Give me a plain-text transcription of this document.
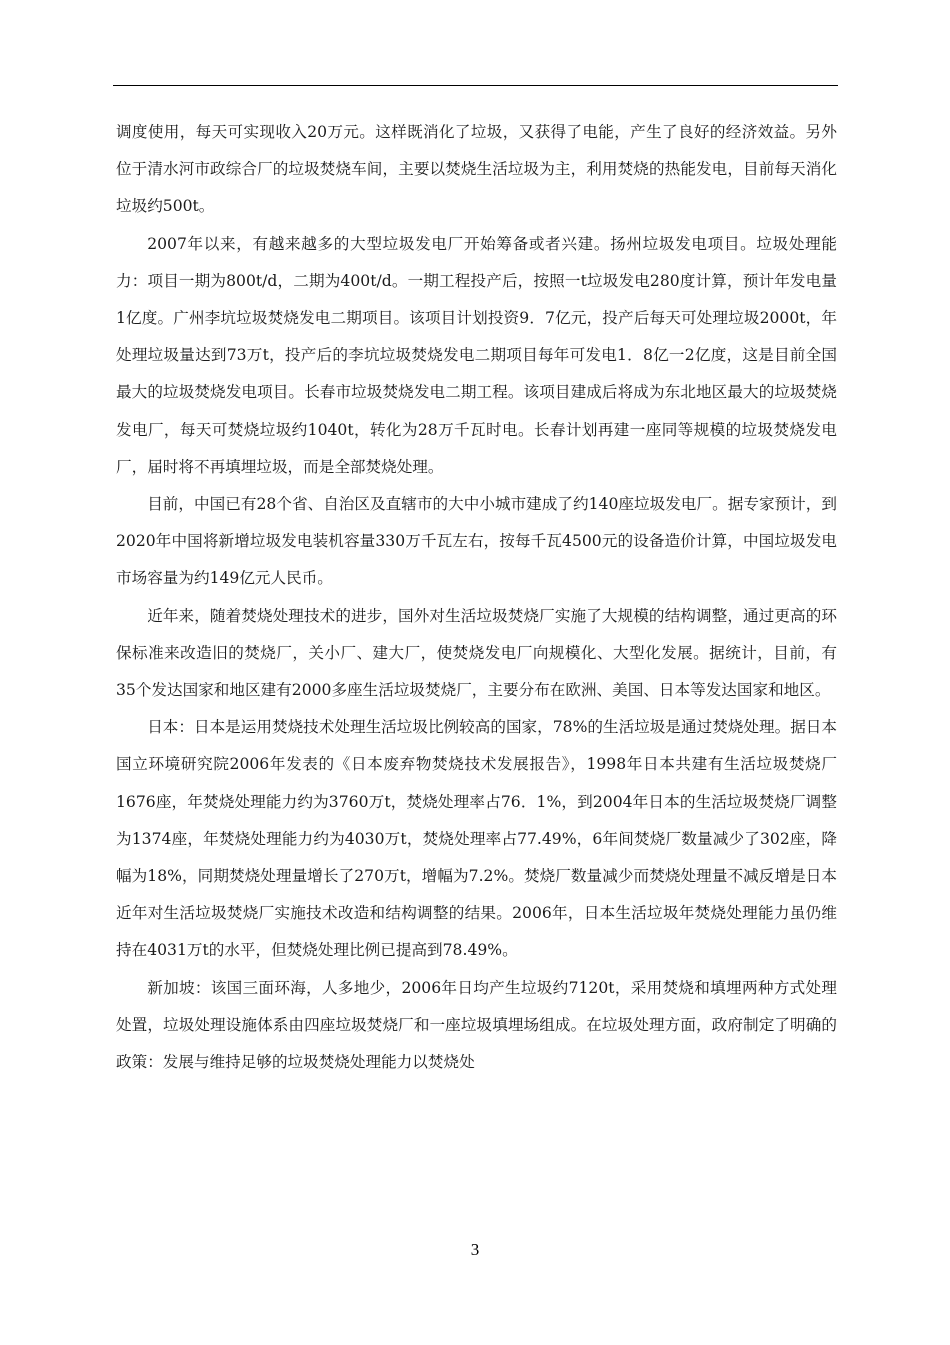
调度使用，每天可实现收入20万元。这样既消化了垃圾，又获得了电能，产生了良好的经济效益。另外位于清水河市政综合厂的垃圾焚烧车间，主要以焚烧生活垃圾为主，利用焚烧的热能发电，目前每天消化垃圾约500t。

2007年以来，有越来越多的大型垃圾发电厂开始筹备或者兴建。扬州垃圾发电项目。垃圾处理能力：项目一期为800t/d，二期为400t/d。一期工程投产后，按照一t垃圾发电280度计算，预计年发电量1亿度。广州李坑垃圾焚烧发电二期项目。该项目计划投资9．7亿元，投产后每天可处理垃圾2000t，年处理垃圾量达到73万t，投产后的李坑垃圾焚烧发电二期项目每年可发电1．8亿一2亿度，这是目前全国最大的垃圾焚烧发电项目。长春市垃圾焚烧发电二期工程。该项目建成后将成为东北地区最大的垃圾焚烧发电厂，每天可焚烧垃圾约1040t，转化为28万千瓦时电。长春计划再建一座同等规模的垃圾焚烧发电厂，届时将不再填埋垃圾，而是全部焚烧处理。

目前，中国已有28个省、自治区及直辖市的大中小城市建成了约140座垃圾发电厂。据专家预计，到2020年中国将新增垃圾发电装机容量330万千瓦左右，按每千瓦4500元的设备造价计算，中国垃圾发电市场容量为约149亿元人民币。

近年来，随着焚烧处理技术的进步，国外对生活垃圾焚烧厂实施了大规模的结构调整，通过更高的环保标准来改造旧的焚烧厂，关小厂、建大厂，使焚烧发电厂向规模化、大型化发展。据统计，目前，有35个发达国家和地区建有2000多座生活垃圾焚烧厂，主要分布在欧洲、美国、日本等发达国家和地区。

日本：日本是运用焚烧技术处理生活垃圾比例较高的国家，78%的生活垃圾是通过焚烧处理。据日本国立环境研究院2006年发表的《日本废弃物焚烧技术发展报告》，1998年日本共建有生活垃圾焚烧厂1676座，年焚烧处理能力约为3760万t，焚烧处理率占76．1%，到2004年日本的生活垃圾焚烧厂调整为1374座，年焚烧处理能力约为4030万t，焚烧处理率占77.49%，6年间焚烧厂数量减少了302座，降幅为18%，同期焚烧处理量增长了270万t，增幅为7.2%。焚烧厂数量减少而焚烧处理量不减反增是日本近年对生活垃圾焚烧厂实施技术改造和结构调整的结果。2006年，日本生活垃圾年焚烧处理能力虽仍维持在4031万t的水平，但焚烧处理比例已提高到78.49%。

新加坡：该国三面环海，人多地少，2006年日均产生垃圾约7120t，采用焚烧和填埋两种方式处理处置，垃圾处理设施体系由四座垃圾焚烧厂和一座垃圾填埋场组成。在垃圾处理方面，政府制定了明确的政策：发展与维持足够的垃圾焚烧处理能力以焚烧处

3
